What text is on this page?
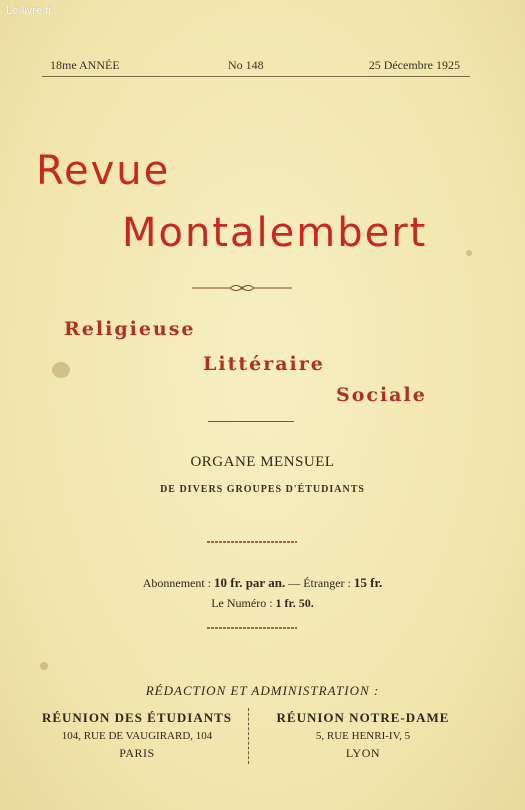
Le-livre.fr
18me ANNÉE	No 148	25 Décembre 1925
Revue
Montalembert
Religieuse
Littéraire
Sociale
ORGANE MENSUEL
DE DIVERS GROUPES D'ÉTUDIANTS
Abonnement : 10 fr. par an. — Étranger : 15 fr.
Le Numéro : 1 fr. 50.
RÉDACTION ET ADMINISTRATION :
RÉUNION DES ÉTUDIANTS
104, RUE DE VAUGIRARD, 104
PARIS
RÉUNION NOTRE-DAME
5, RUE HENRI-IV, 5
LYON
